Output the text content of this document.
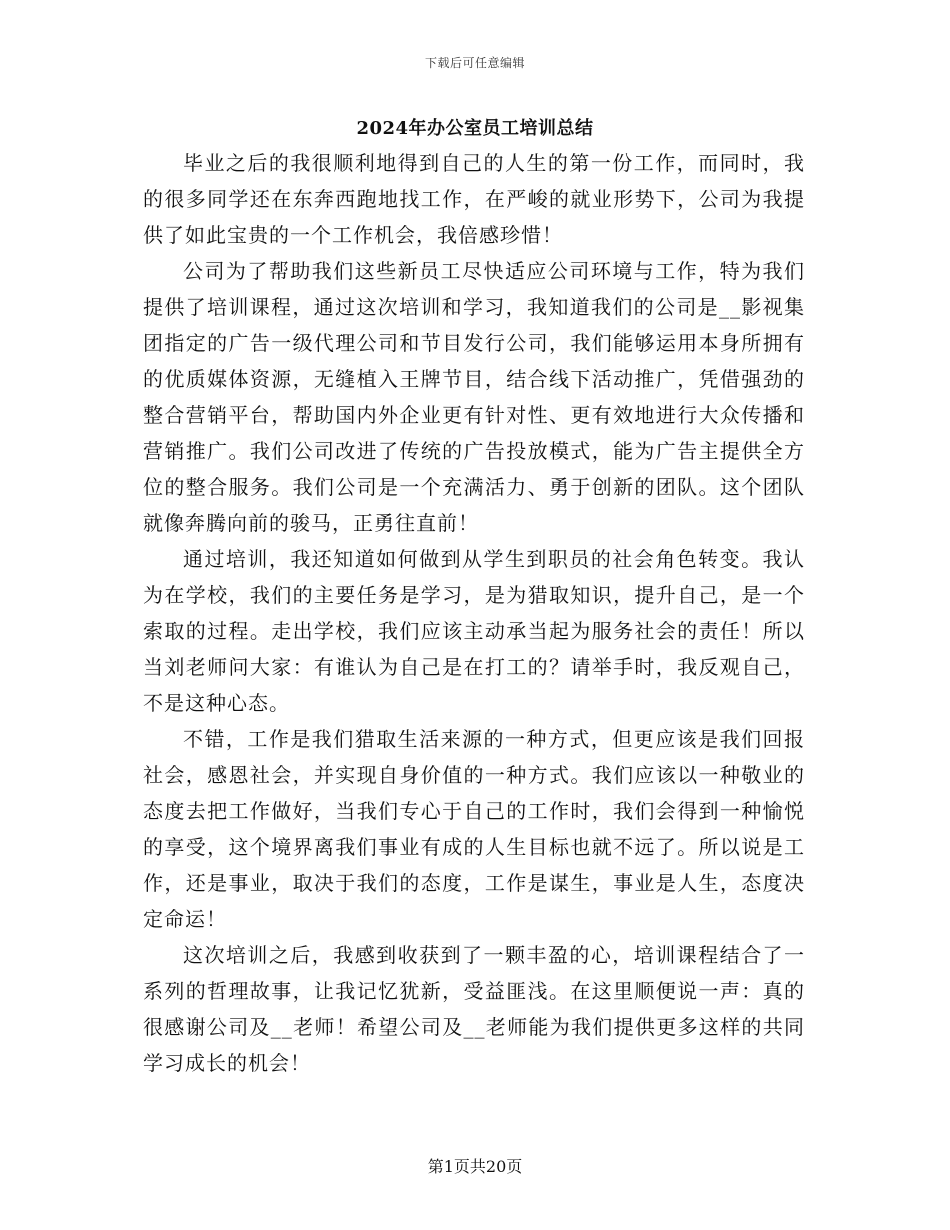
下载后可任意编辑
2024年办公室员工培训总结

毕业之后的我很顺利地得到自己的人生的第一份工作，而同时，我的很多同学还在东奔西跑地找工作，在严峻的就业形势下，公司为我提供了如此宝贵的一个工作机会，我倍感珍惜！

公司为了帮助我们这些新员工尽快适应公司环境与工作，特为我们提供了培训课程，通过这次培训和学习，我知道我们的公司是__影视集团指定的广告一级代理公司和节目发行公司，我们能够运用本身所拥有的优质媒体资源，无缝植入王牌节目，结合线下活动推广，凭借强劲的整合营销平台，帮助国内外企业更有针对性、更有效地进行大众传播和营销推广。我们公司改进了传统的广告投放模式，能为广告主提供全方位的整合服务。我们公司是一个充满活力、勇于创新的团队。这个团队就像奔腾向前的骏马，正勇往直前！

通过培训，我还知道如何做到从学生到职员的社会角色转变。我认为在学校，我们的主要任务是学习，是为猎取知识，提升自己，是一个索取的过程。走出学校，我们应该主动承当起为服务社会的责任！所以当刘老师问大家：有谁认为自己是在打工的？请举手时，我反观自己，不是这种心态。

不错，工作是我们猎取生活来源的一种方式，但更应该是我们回报社会，感恩社会，并实现自身价值的一种方式。我们应该以一种敬业的态度去把工作做好，当我们专心于自己的工作时，我们会得到一种愉悦的享受，这个境界离我们事业有成的人生目标也就不远了。所以说是工作，还是事业，取决于我们的态度，工作是谋生，事业是人生，态度决定命运！

这次培训之后，我感到收获到了一颗丰盈的心，培训课程结合了一系列的哲理故事，让我记忆犹新，受益匪浅。在这里顺便说一声：真的很感谢公司及__老师！希望公司及__老师能为我们提供更多这样的共同学习成长的机会！

第1页共20页
